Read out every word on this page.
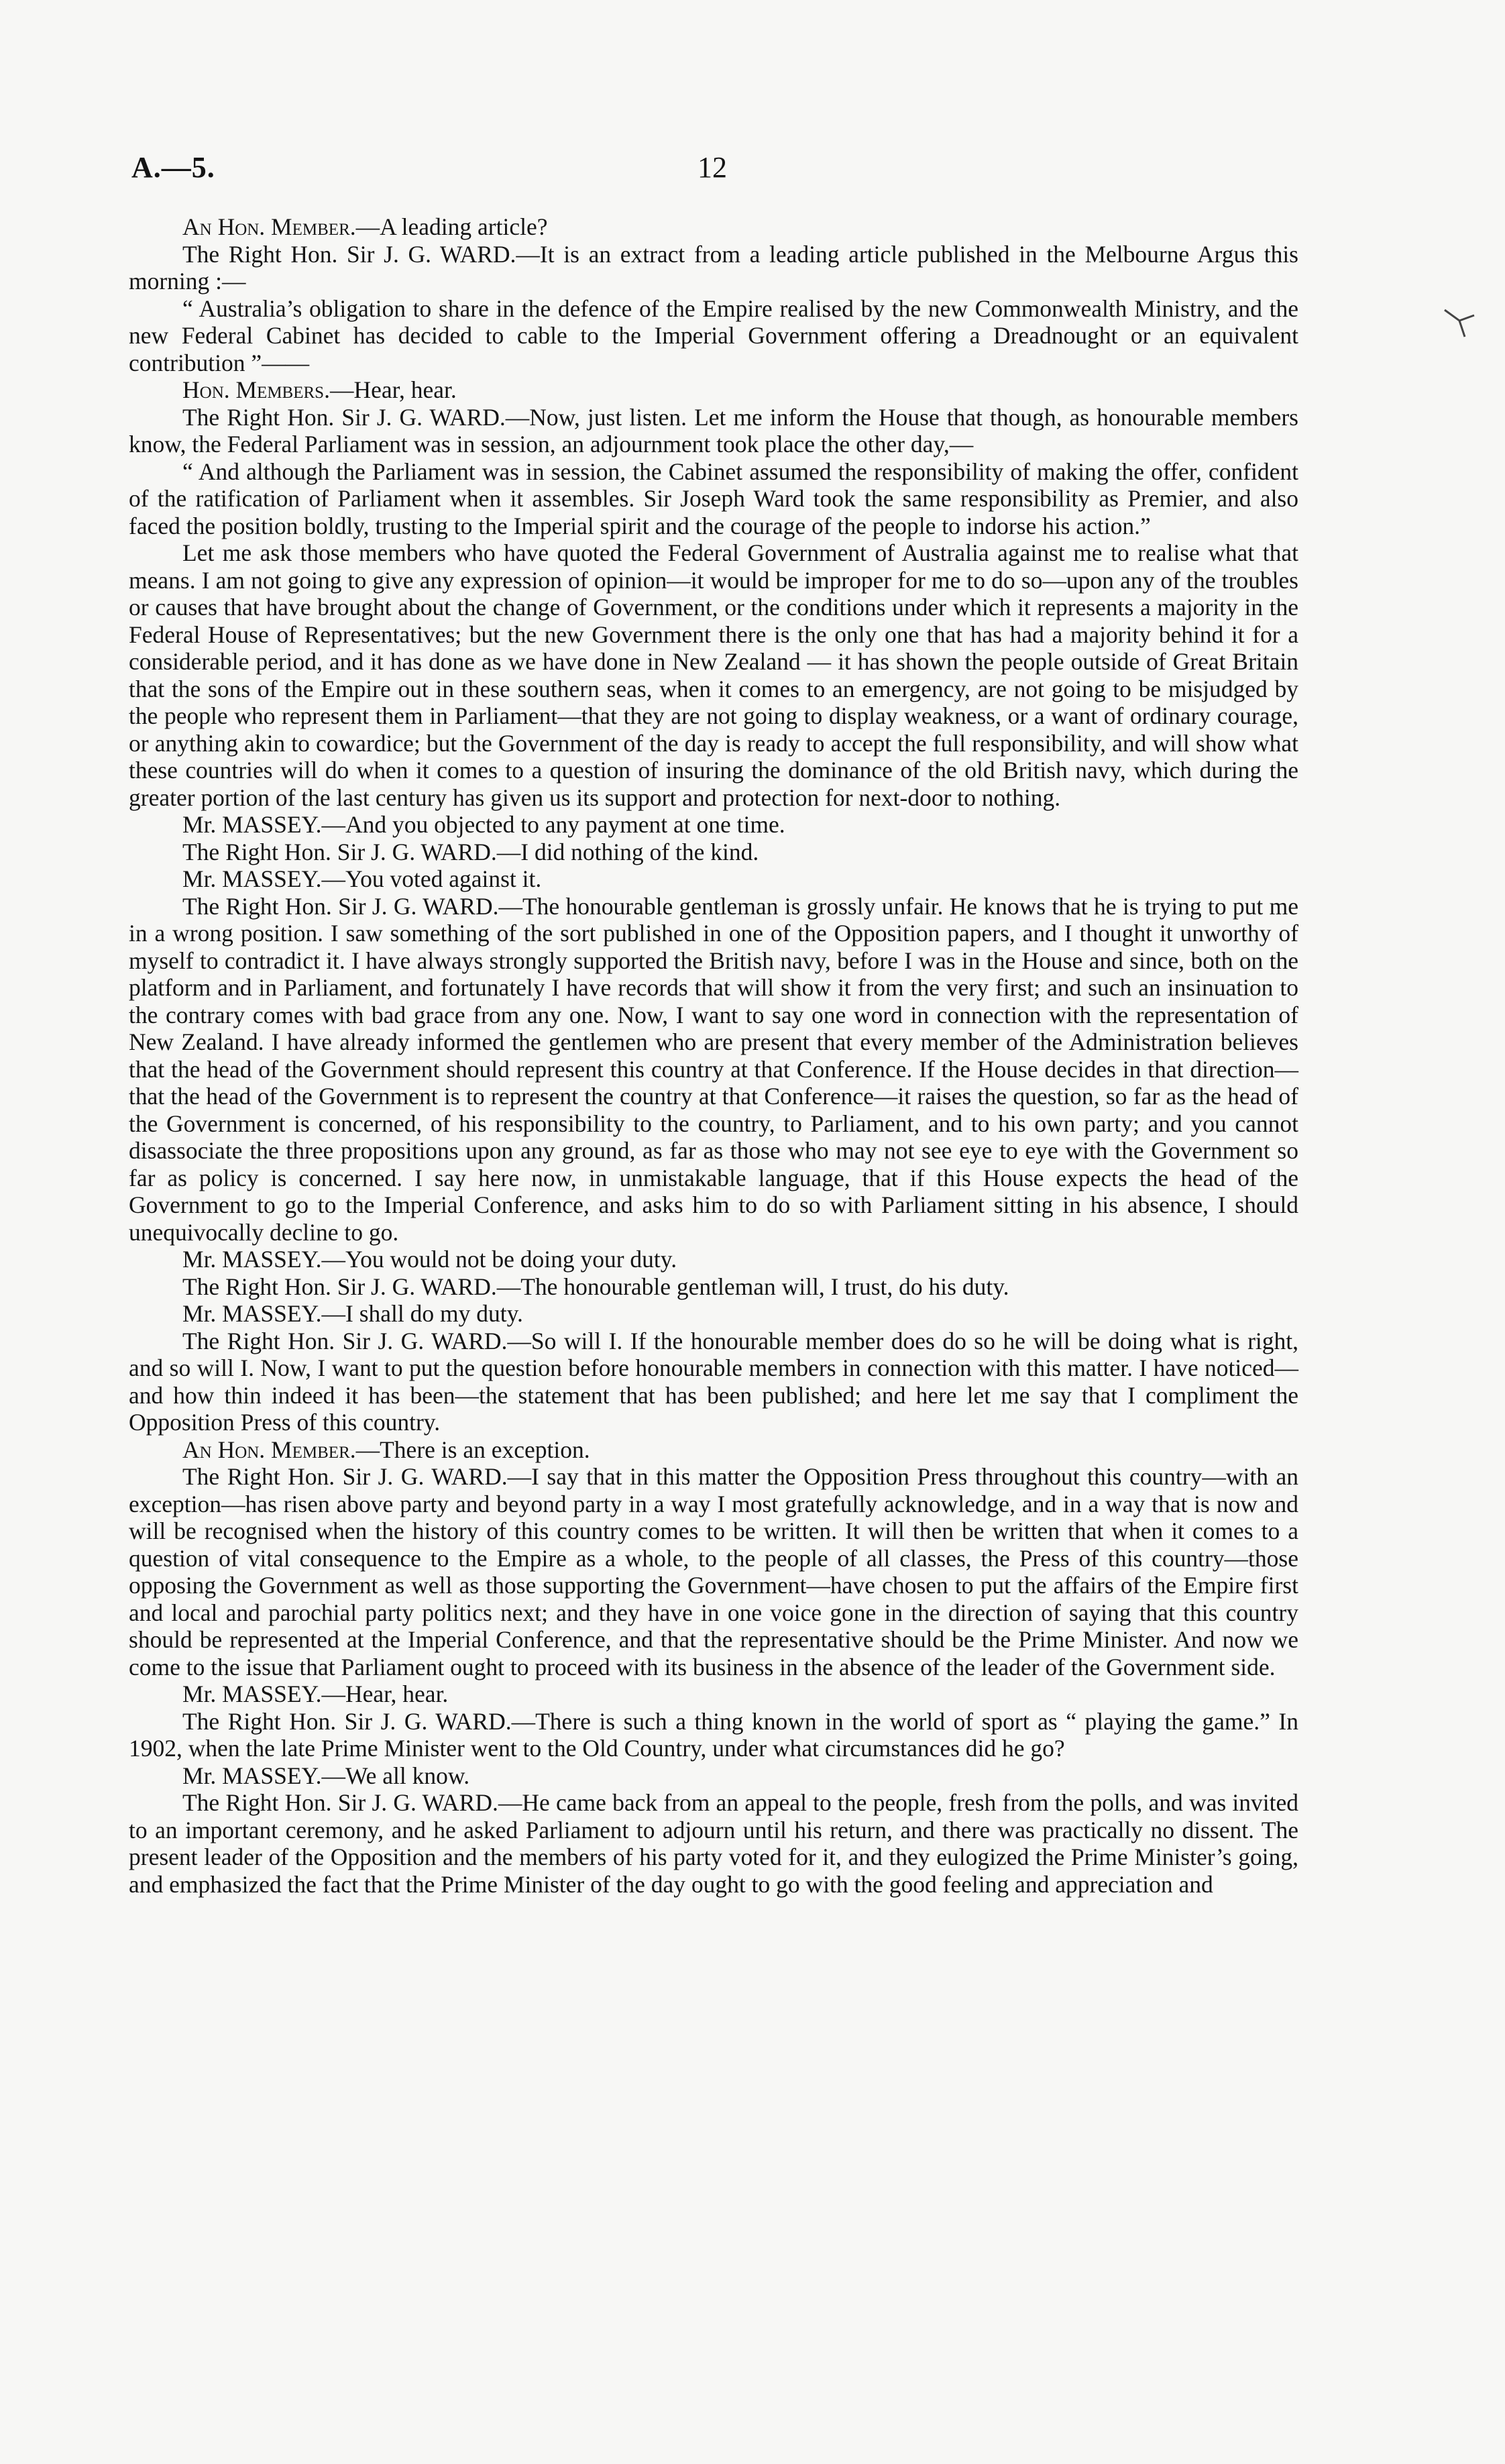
A.—5.	12

An Hon. Member.—A leading article?

The Right Hon. Sir J. G. WARD.—It is an extract from a leading article published in the Melbourne Argus this morning :—

“ Australia’s obligation to share in the defence of the Empire realised by the new Commonwealth Ministry, and the new Federal Cabinet has decided to cable to the Imperial Government offering a Dreadnought or an equivalent contribution ”——

Hon. Members.—Hear, hear.

The Right Hon. Sir J. G. WARD.—Now, just listen. Let me inform the House that though, as honourable members know, the Federal Parliament was in session, an adjournment took place the other day,—

“ And although the Parliament was in session, the Cabinet assumed the responsibility of making the offer, confident of the ratification of Parliament when it assembles. Sir Joseph Ward took the same responsibility as Premier, and also faced the position boldly, trusting to the Imperial spirit and the courage of the people to indorse his action.”

Let me ask those members who have quoted the Federal Government of Australia against me to realise what that means. I am not going to give any expression of opinion—it would be improper for me to do so—upon any of the troubles or causes that have brought about the change of Government, or the conditions under which it represents a majority in the Federal House of Representatives; but the new Government there is the only one that has had a majority behind it for a considerable period, and it has done as we have done in New Zealand — it has shown the people outside of Great Britain that the sons of the Empire out in these southern seas, when it comes to an emergency, are not going to be misjudged by the people who represent them in Parliament—that they are not going to display weakness, or a want of ordinary courage, or anything akin to cowardice; but the Government of the day is ready to accept the full responsibility, and will show what these countries will do when it comes to a question of insuring the dominance of the old British navy, which during the greater portion of the last century has given us its support and protection for next-door to nothing.

Mr. MASSEY.—And you objected to any payment at one time.

The Right Hon. Sir J. G. WARD.—I did nothing of the kind.

Mr. MASSEY.—You voted against it.

The Right Hon. Sir J. G. WARD.—The honourable gentleman is grossly unfair. He knows that he is trying to put me in a wrong position. I saw something of the sort published in one of the Opposition papers, and I thought it unworthy of myself to contradict it. I have always strongly supported the British navy, before I was in the House and since, both on the platform and in Parliament, and fortunately I have records that will show it from the very first; and such an insinuation to the contrary comes with bad grace from any one. Now, I want to say one word in connection with the representation of New Zealand. I have already informed the gentlemen who are present that every member of the Administration believes that the head of the Government should represent this country at that Conference. If the House decides in that direction—that the head of the Government is to represent the country at that Conference—it raises the question, so far as the head of the Government is concerned, of his responsibility to the country, to Parliament, and to his own party; and you cannot disassociate the three propositions upon any ground, as far as those who may not see eye to eye with the Government so far as policy is concerned. I say here now, in unmistakable language, that if this House expects the head of the Government to go to the Imperial Conference, and asks him to do so with Parliament sitting in his absence, I should unequivocally decline to go.

Mr. MASSEY.—You would not be doing your duty.

The Right Hon. Sir J. G. WARD.—The honourable gentleman will, I trust, do his duty.

Mr. MASSEY.—I shall do my duty.

The Right Hon. Sir J. G. WARD.—So will I. If the honourable member does do so he will be doing what is right, and so will I. Now, I want to put the question before honourable members in connection with this matter. I have noticed—and how thin indeed it has been—the statement that has been published; and here let me say that I compliment the Opposition Press of this country.

An Hon. Member.—There is an exception.

The Right Hon. Sir J. G. WARD.—I say that in this matter the Opposition Press throughout this country—with an exception—has risen above party and beyond party in a way I most gratefully acknowledge, and in a way that is now and will be recognised when the history of this country comes to be written. It will then be written that when it comes to a question of vital consequence to the Empire as a whole, to the people of all classes, the Press of this country—those opposing the Government as well as those supporting the Government—have chosen to put the affairs of the Empire first and local and parochial party politics next; and they have in one voice gone in the direction of saying that this country should be represented at the Imperial Conference, and that the representative should be the Prime Minister. And now we come to the issue that Parliament ought to proceed with its business in the absence of the leader of the Government side.

Mr. MASSEY.—Hear, hear.

The Right Hon. Sir J. G. WARD.—There is such a thing known in the world of sport as “ playing the game.” In 1902, when the late Prime Minister went to the Old Country, under what circumstances did he go?

Mr. MASSEY.—We all know.

The Right Hon. Sir J. G. WARD.—He came back from an appeal to the people, fresh from the polls, and was invited to an important ceremony, and he asked Parliament to adjourn until his return, and there was practically no dissent. The present leader of the Opposition and the members of his party voted for it, and they eulogized the Prime Minister’s going, and emphasized the fact that the Prime Minister of the day ought to go with the good feeling and appreciation and
